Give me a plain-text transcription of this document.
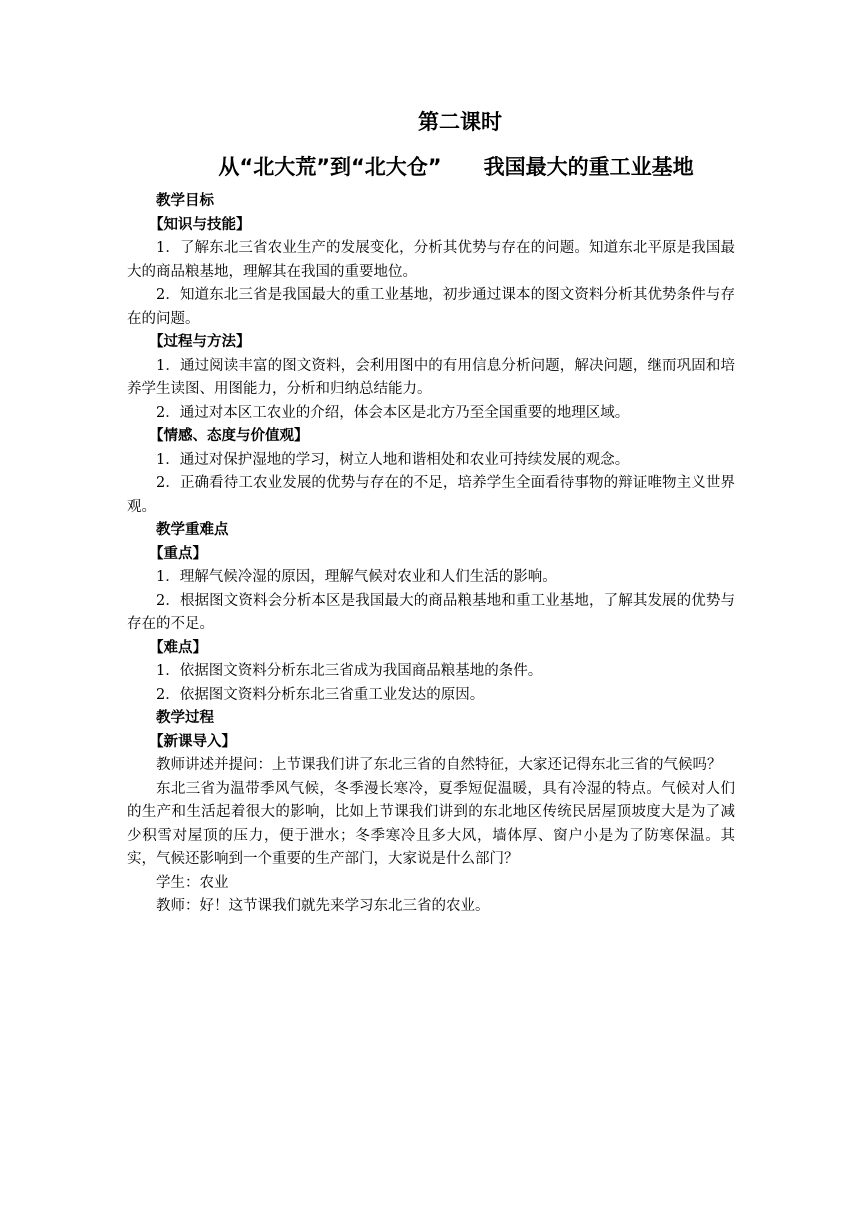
第二课时
从“北大荒”到“北大仓”　　我国最大的重工业基地

教学目标

【知识与技能】

1．了解东北三省农业生产的发展变化，分析其优势与存在的问题。知道东北平原是我国最大的商品粮基地，理解其在我国的重要地位。

2．知道东北三省是我国最大的重工业基地，初步通过课本的图文资料分析其优势条件与存在的问题。

【过程与方法】

1．通过阅读丰富的图文资料，会利用图中的有用信息分析问题，解决问题，继而巩固和培养学生读图、用图能力，分析和归纳总结能力。

2．通过对本区工农业的介绍，体会本区是北方乃至全国重要的地理区域。

【情感、态度与价值观】

1．通过对保护湿地的学习，树立人地和谐相处和农业可持续发展的观念。

2．正确看待工农业发展的优势与存在的不足，培养学生全面看待事物的辩证唯物主义世界观。

教学重难点

【重点】

1．理解气候冷湿的原因，理解气候对农业和人们生活的影响。

2．根据图文资料会分析本区是我国最大的商品粮基地和重工业基地，了解其发展的优势与存在的不足。

【难点】

1．依据图文资料分析东北三省成为我国商品粮基地的条件。

2．依据图文资料分析东北三省重工业发达的原因。

教学过程

【新课导入】

教师讲述并提问：上节课我们讲了东北三省的自然特征，大家还记得东北三省的气候吗？

东北三省为温带季风气候，冬季漫长寒冷，夏季短促温暖，具有冷湿的特点。气候对人们的生产和生活起着很大的影响，比如上节课我们讲到的东北地区传统民居屋顶坡度大是为了减少积雪对屋顶的压力，便于泄水；冬季寒冷且多大风，墙体厚、窗户小是为了防寒保温。其实，气候还影响到一个重要的生产部门，大家说是什么部门？

学生：农业

教师：好！这节课我们就先来学习东北三省的农业。
